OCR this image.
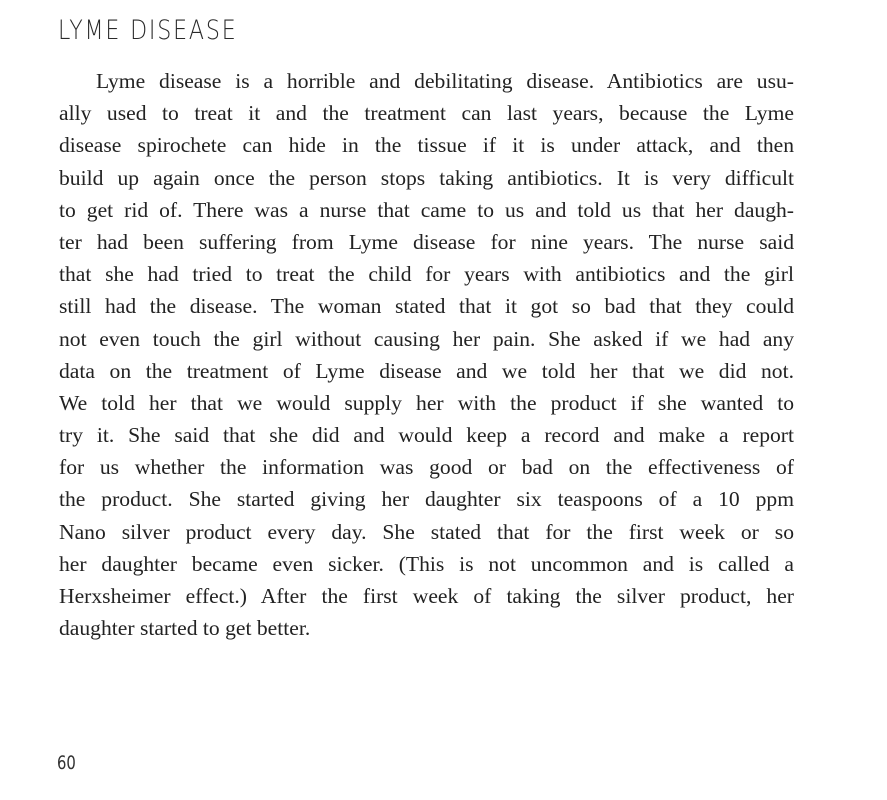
LYME DISEASE
Lyme disease is a horrible and debilitating disease. Antibiotics are usu-
ally used to treat it and the treatment can last years, because the Lyme
disease spirochete can hide in the tissue if it is under attack, and then
build up again once the person stops taking antibiotics. It is very difficult
to get rid of. There was a nurse that came to us and told us that her daugh-
ter had been suffering from Lyme disease for nine years. The nurse said
that she had tried to treat the child for years with antibiotics and the girl
still had the disease. The woman stated that it got so bad that they could
not even touch the girl without causing her pain. She asked if we had any
data on the treatment of Lyme disease and we told her that we did not.
We told her that we would supply her with the product if she wanted to
try it. She said that she did and would keep a record and make a report
for us whether the information was good or bad on the effectiveness of
the product. She started giving her daughter six teaspoons of a 10 ppm
Nano silver product every day. She stated that for the first week or so
her daughter became even sicker. (This is not uncommon and is called a
Herxsheimer effect.) After the first week of taking the silver product, her
daughter started to get better.
60
